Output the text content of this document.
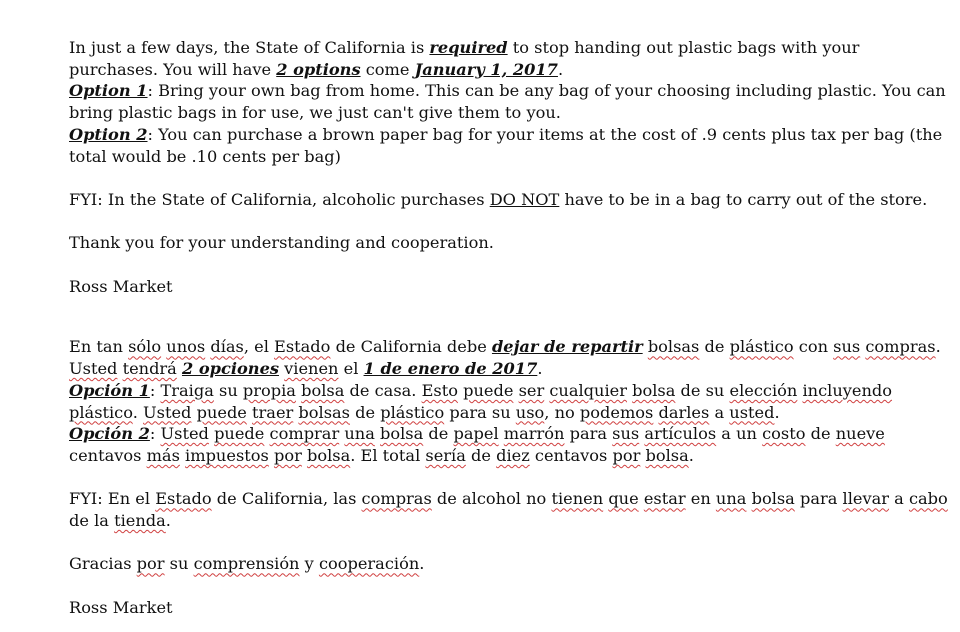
In just a few days, the State of California is required to stop handing out plastic bags with your purchases. You will have 2 options come January 1, 2017.

Option 1: Bring your own bag from home. This can be any bag of your choosing including plastic. You can bring plastic bags in for use, we just can't give them to you.

Option 2: You can purchase a brown paper bag for your items at the cost of .9 cents plus tax per bag (the total would be .10 cents per bag)

FYI: In the State of California, alcoholic purchases DO NOT have to be in a bag to carry out of the store.

Thank you for your understanding and cooperation.

Ross Market

En tan sólo unos días, el Estado de California debe dejar de repartir bolsas de plástico con sus compras. Usted tendrá 2 opciones vienen el 1 de enero de 2017.

Opción 1: Traiga su propia bolsa de casa. Esto puede ser cualquier bolsa de su elección incluyendo plástico. Usted puede traer bolsas de plástico para su uso, no podemos darles a usted.

Opción 2: Usted puede comprar una bolsa de papel marrón para sus artículos a un costo de nueve centavos más impuestos por bolsa. El total sería de diez centavos por bolsa.

FYI: En el Estado de California, las compras de alcohol no tienen que estar en una bolsa para llevar a cabo de la tienda.

Gracias por su comprensión y cooperación.

Ross Market
